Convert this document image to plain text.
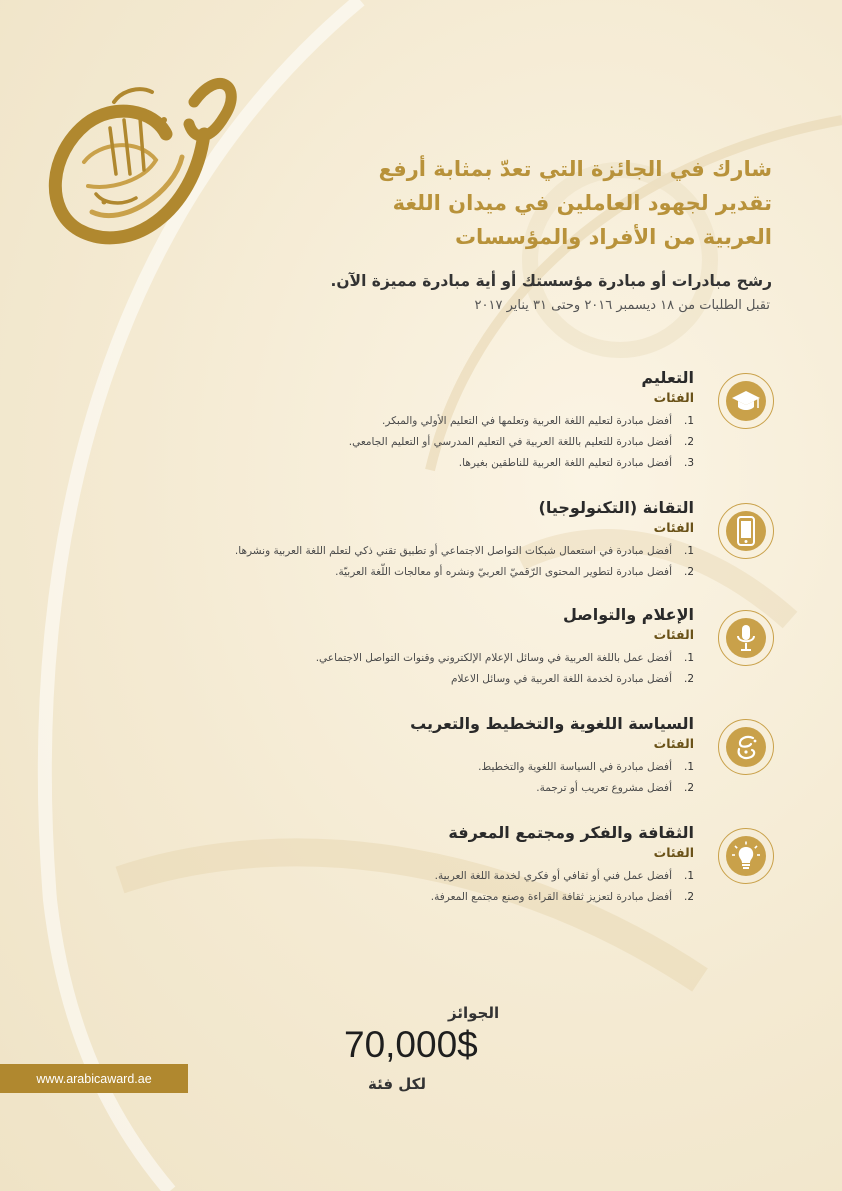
شارك في الجائزة التي تعدّ بمثابة أرفع
تقدير لجهود العاملين في ميدان اللغة
العربية من الأفراد والمؤسسات
رشح مبادرات أو مبادرة مؤسستك أو أية مبادرة مميزة الآن.
تقبل الطلبات من ١٨ ديسمبر ٢٠١٦ وحتى ٣١ يناير ٢٠١٧
التعليم
الفئات
1.أفضل مبادرة لتعليم اللغة العربية وتعلمها في التعليم الأولي والمبكر.
2.أفضل مبادرة للتعليم باللغة العربية في التعليم المدرسي أو التعليم الجامعي.
3.أفضل مبادرة لتعليم اللغة العربية للناطقين بغيرها.
التقانة (التكنولوجيا)
الفئات
1.أفضل مبادرة في استعمال شبكات التواصل الاجتماعي أو تطبيق تقني ذكي لتعلم اللغة العربية ونشرها.
2.أفضل مبادرة لتطوير المحتوى الرّقميّ العربيّ ونشره أو معالجات اللّغة العربيّة.
الإعلام والتواصل
الفئات
1.أفضل عمل باللغة العربية في وسائل الإعلام الإلكتروني وقنوات التواصل الاجتماعي.
2.أفضل مبادرة لخدمة اللغة العربية في وسائل الاعلام
السياسة اللغوية والتخطيط والتعريب
الفئات
1.أفضل مبادرة في السياسة اللغوية والتخطيط.
2.أفضل مشروع تعريب أو ترجمة.
الثقافة والفكر ومجتمع المعرفة
الفئات
1.أفضل عمل فني أو ثقافي أو فكري لخدمة اللغة العربية.
2.أفضل مبادرة لتعزيز ثقافة القراءة وصنع مجتمع المعرفة.
الجوائز
70,000$
لكل فئة
www.arabicaward.ae
